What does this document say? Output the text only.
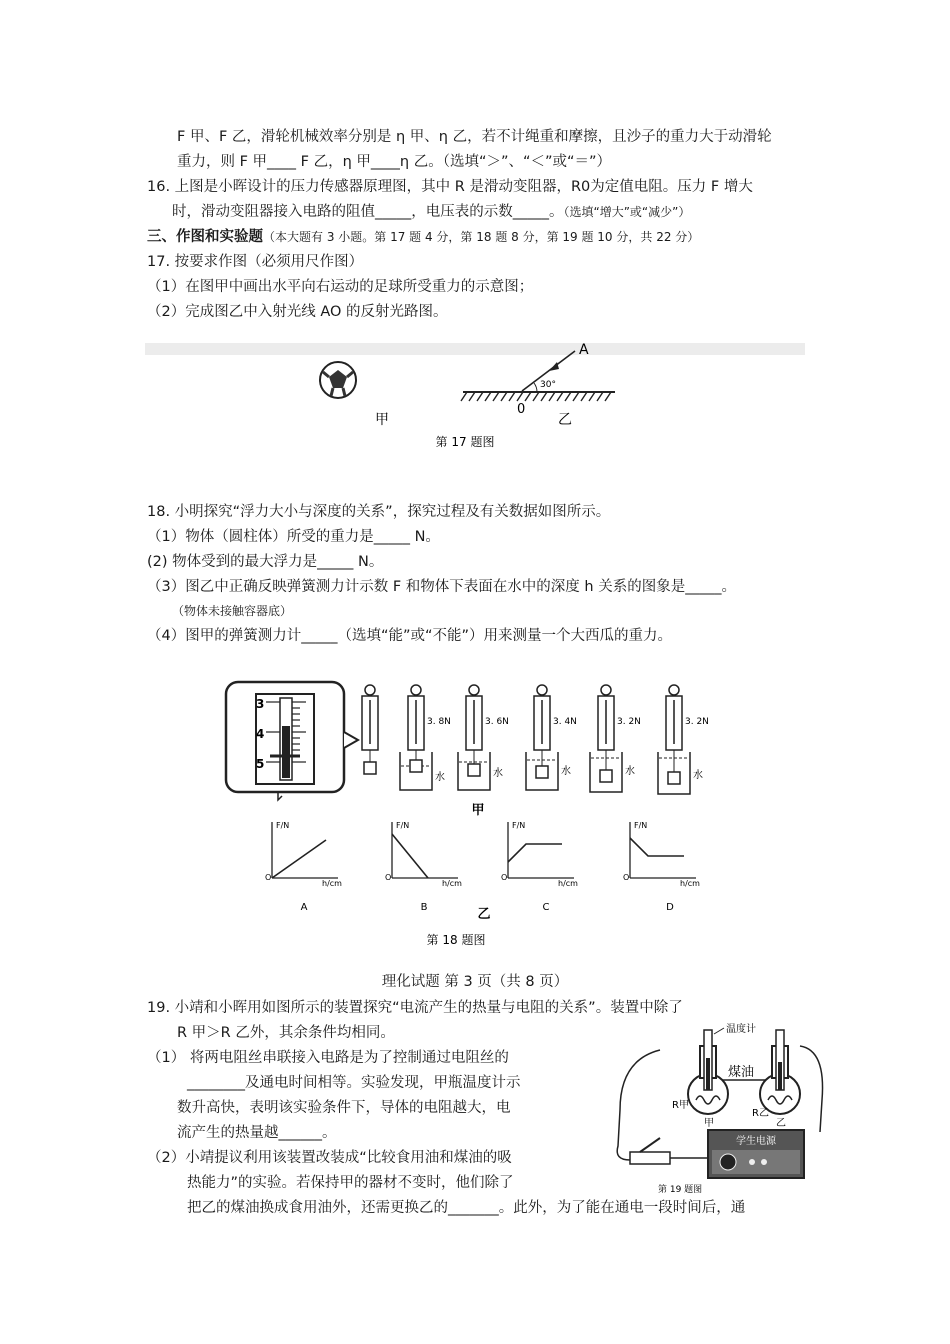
F 甲、F 乙，滑轮机械效率分别是 η 甲、η 乙，若不计绳重和摩擦，且沙子的重力大于动滑轮
重力，则 F 甲____ F 乙，η 甲____η 乙。（选填“＞”、“＜”或“＝”）
16. 上图是小晖设计的压力传感器原理图，其中 R 是滑动变阻器，R0为定值电阻。压力 F 增大
时，滑动变阻器接入电路的阻值_____，电压表的示数_____。（选填“增大”或“减少”）
三、作图和实验题（本大题有 3 小题。第 17 题 4 分，第 18 题 8 分，第 19 题 10 分，共 22 分）
17. 按要求作图（必须用尺作图）
（1）在图甲中画出水平向右运动的足球所受重力的示意图；
（2）完成图乙中入射光线 AO 的反射光路图。
甲
30°
A
0
乙
第 17 题图
18. 小明探究“浮力大小与深度的关系”，探究过程及有关数据如图所示。
（1）物体（圆柱体）所受的重力是_____ N。
(2) 物体受到的最大浮力是_____ N。
（3）图乙中正确反映弹簧测力计示数 F 和物体下表面在水中的深度 h 关系的图象是_____。
（物体未接触容器底）
（4）图甲的弹簧测力计_____（选填“能”或“不能”）用来测量一个大西瓜的重力。
3
4
5
3. 8N
水
3. 6N
水
3. 4N
水
3. 2N
水
3. 2N
水
甲
F/N
h/cm
O
A
F/N
h/cm
O
B
F/N
h/cm
O
C
F/N
h/cm
O
D
乙
第 18 题图
理化试题 第 3 页（共 8 页）
19. 小靖和小晖用如图所示的装置探究“电流产生的热量与电阻的关系”。装置中除了
R 甲＞R 乙外，其余条件均相同。
（1） 将两电阻丝串联接入电路是为了控制通过电阻丝的
________及通电时间相等。实验发现，甲瓶温度计示
数升高快，表明该实验条件下，导体的电阻越大，电
流产生的热量越______。
（2）小靖提议利用该装置改装成“比较食用油和煤油的吸
热能力”的实验。若保持甲的器材不变时，他们除了
把乙的煤油换成食用油外，还需更换乙的_______。此外，为了能在通电一段时间后，通
温度计
煤油
R甲
R乙
甲	乙
学生电源
第 19 题图
